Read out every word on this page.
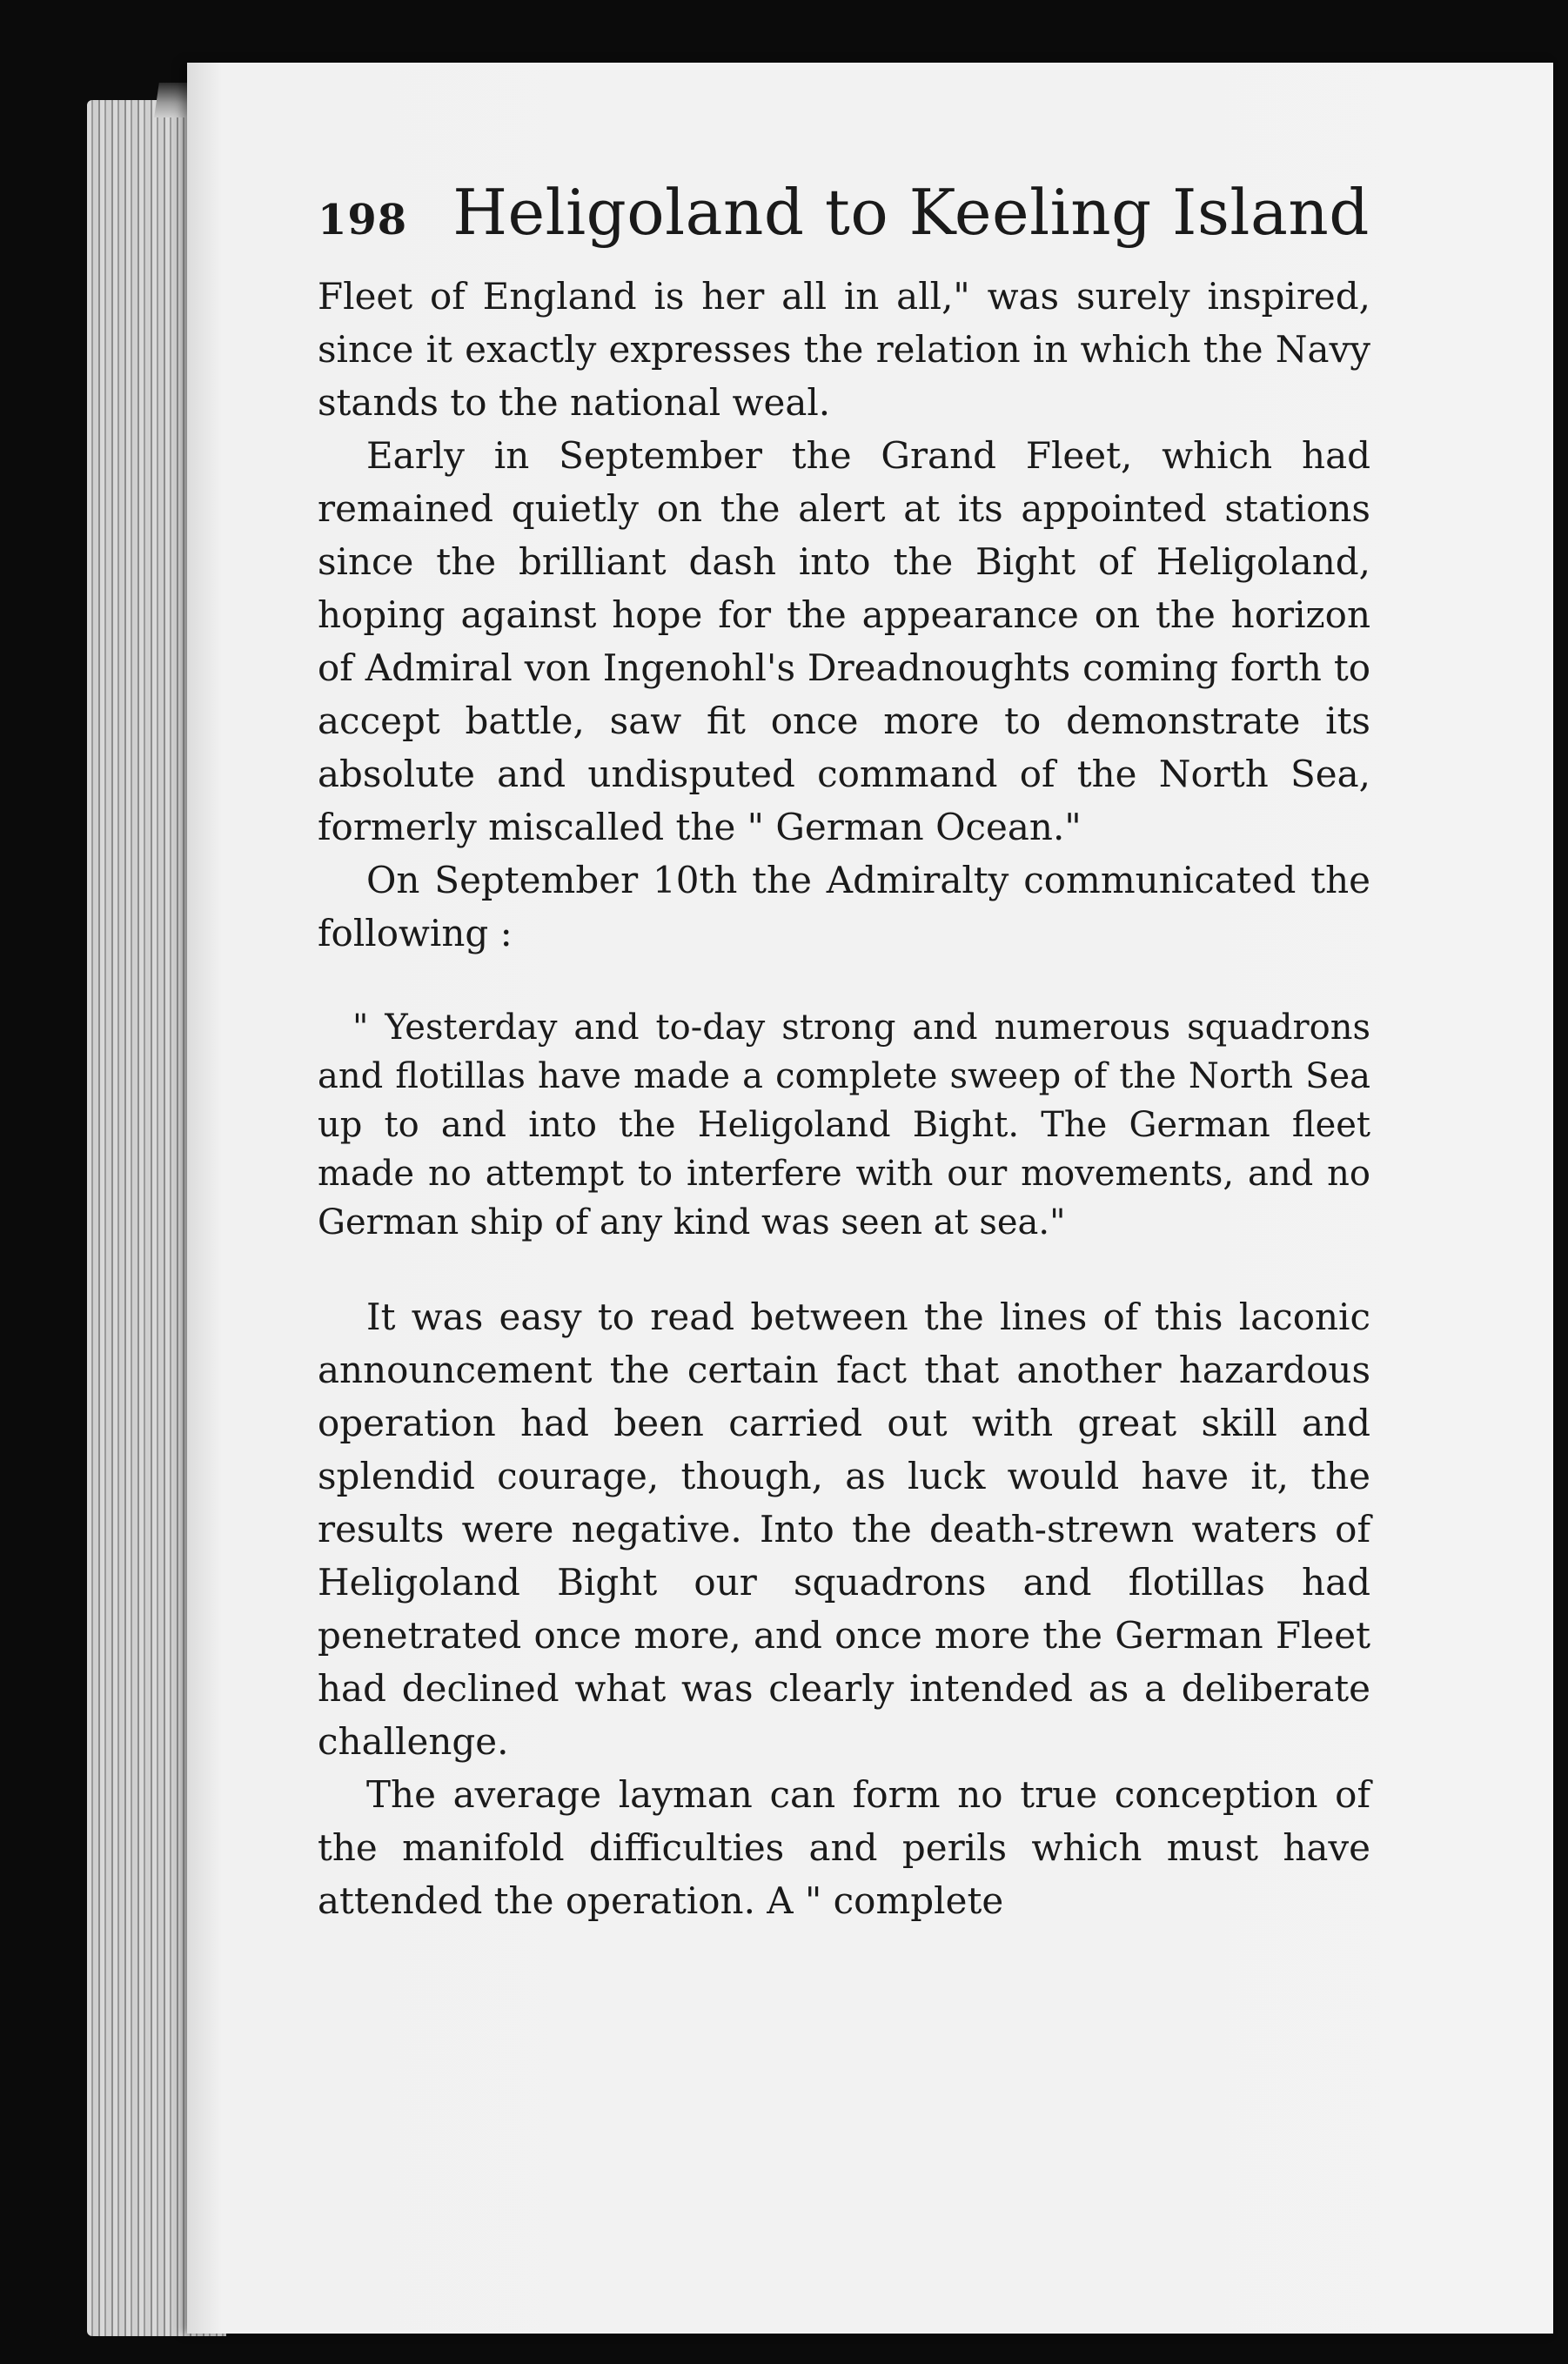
198 Heligoland to Keeling Island

Fleet of England is her all in all," was surely inspired, since it exactly expresses the relation in which the Navy stands to the national weal.

Early in September the Grand Fleet, which had remained quietly on the alert at its appointed stations since the brilliant dash into the Bight of Heligoland, hoping against hope for the appearance on the horizon of Admiral von Ingenohl's Dreadnoughts coming forth to accept battle, saw fit once more to demonstrate its absolute and undisputed command of the North Sea, formerly miscalled the " German Ocean."

On September 10th the Admiralty communicated the following :

" Yesterday and to-day strong and numerous squadrons and flotillas have made a complete sweep of the North Sea up to and into the Heligoland Bight. The German fleet made no attempt to interfere with our movements, and no German ship of any kind was seen at sea."

It was easy to read between the lines of this laconic announcement the certain fact that another hazardous operation had been carried out with great skill and splendid courage, though, as luck would have it, the results were negative. Into the death-strewn waters of Heligoland Bight our squadrons and flotillas had penetrated once more, and once more the German Fleet had declined what was clearly intended as a deliberate challenge.

The average layman can form no true conception of the manifold difficulties and perils which must have attended the operation. A " complete
